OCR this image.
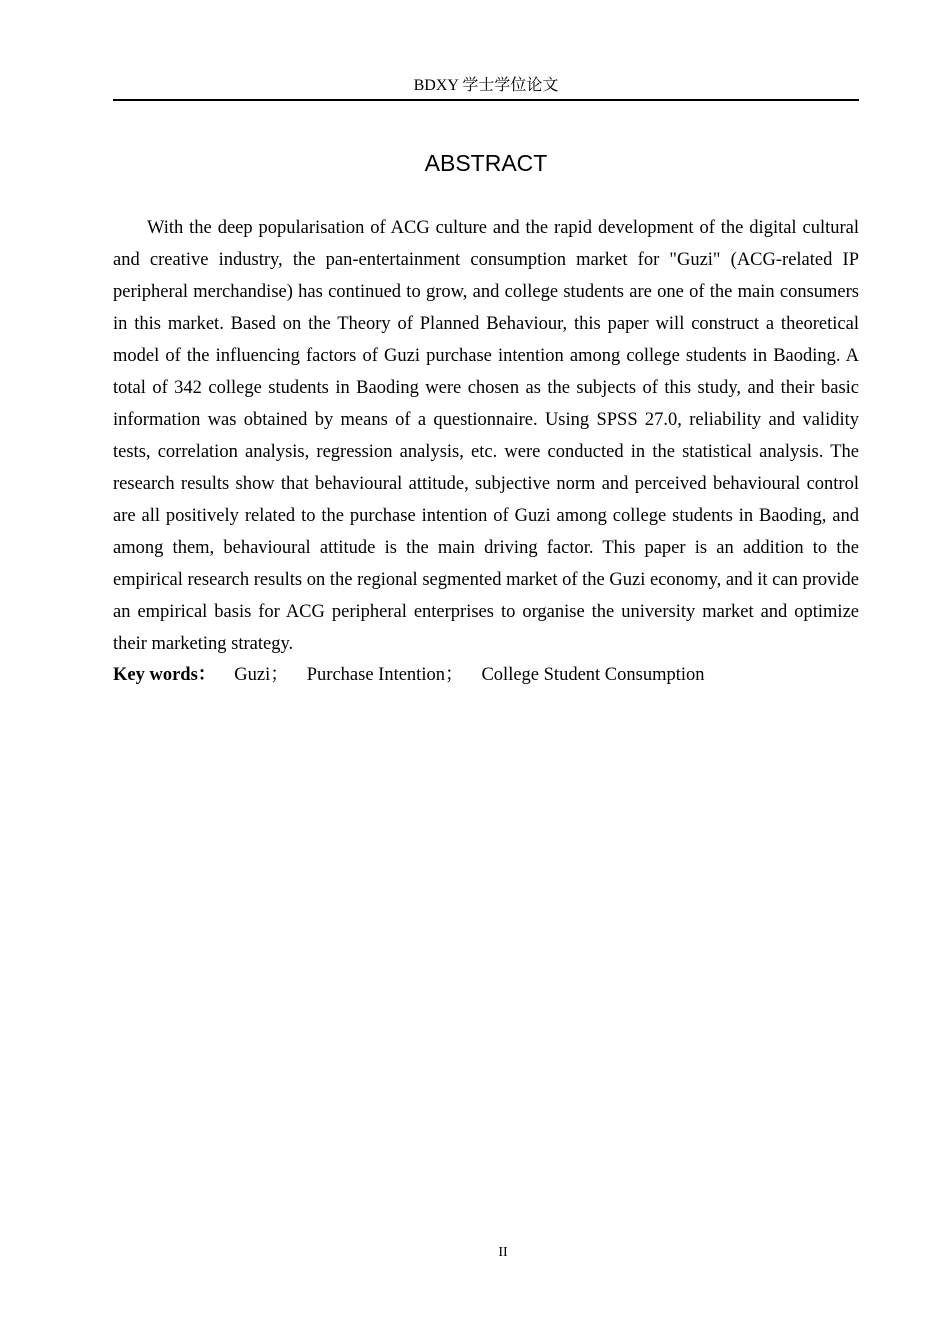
BDXY 学士学位论文
ABSTRACT

With the deep popularisation of ACG culture and the rapid development of the digital cultural and creative industry, the pan-entertainment consumption market for "Guzi" (ACG-related IP peripheral merchandise) has continued to grow, and college students are one of the main consumers in this market. Based on the Theory of Planned Behaviour, this paper will construct a theoretical model of the influencing factors of Guzi purchase intention among college students in Baoding. A total of 342 college students in Baoding were chosen as the subjects of this study, and their basic information was obtained by means of a questionnaire. Using SPSS 27.0, reliability and validity tests, correlation analysis, regression analysis, etc. were conducted in the statistical analysis. The research results show that behavioural attitude, subjective norm and perceived behavioural control are all positively related to the purchase intention of Guzi among college students in Baoding, and among them, behavioural attitude is the main driving factor. This paper is an addition to the empirical research results on the regional segmented market of the Guzi economy, and it can provide an empirical basis for ACG peripheral enterprises to organise the university market and optimize their marketing strategy.

Key words： Guzi； Purchase Intention； College Student Consumption
II
